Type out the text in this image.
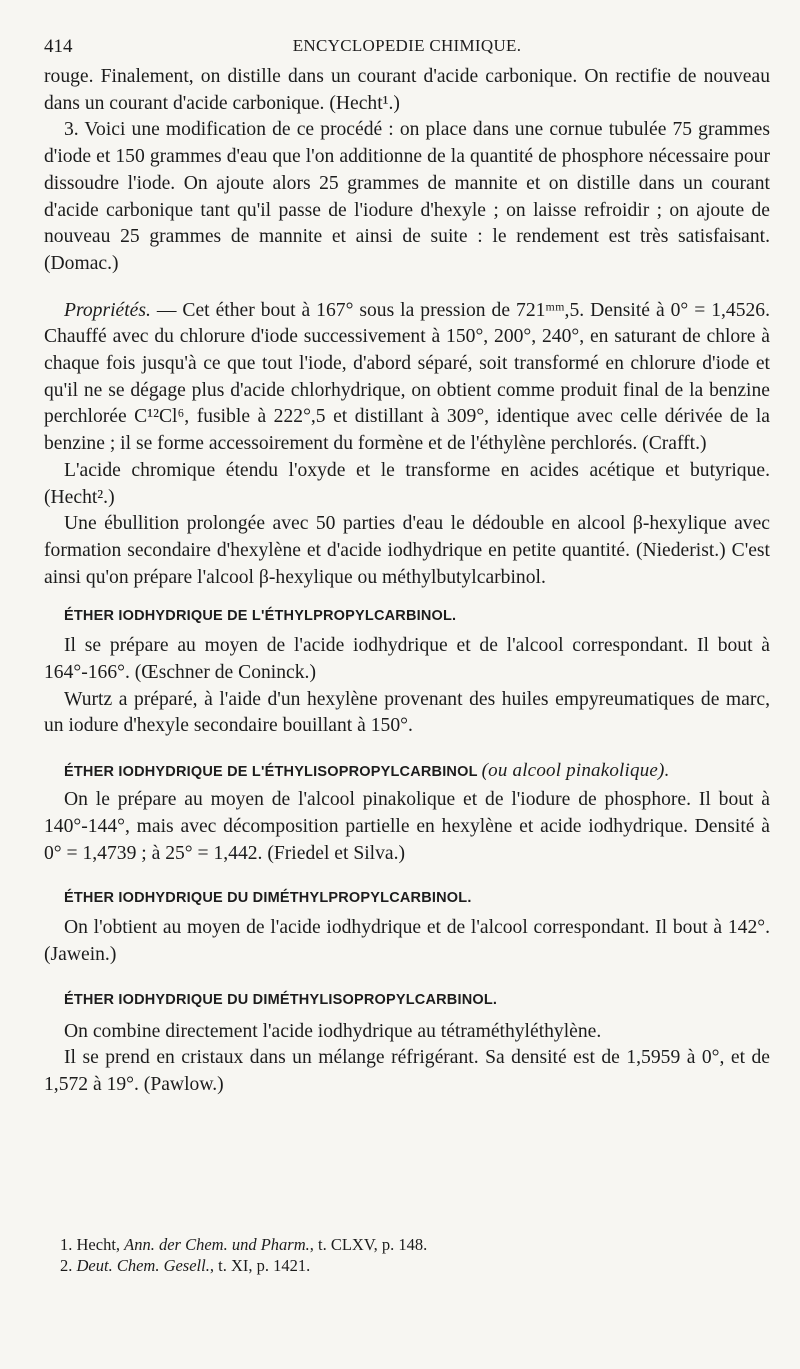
414	ENCYCLOPEDIE CHIMIQUE.

rouge. Finalement, on distille dans un courant d'acide carbonique. On rectifie de nouveau dans un courant d'acide carbonique. (Hecht¹.)

3. Voici une modification de ce procédé : on place dans une cornue tubulée 75 grammes d'iode et 150 grammes d'eau que l'on additionne de la quantité de phosphore nécessaire pour dissoudre l'iode. On ajoute alors 25 grammes de mannite et on distille dans un courant d'acide carbonique tant qu'il passe de l'iodure d'hexyle ; on laisse refroidir ; on ajoute de nouveau 25 grammes de mannite et ainsi de suite : le rendement est très satisfaisant. (Domac.)

Propriétés. — Cet éther bout à 167° sous la pression de 721ᵐᵐ,5. Densité à 0° = 1,4526. Chauffé avec du chlorure d'iode successivement à 150°, 200°, 240°, en saturant de chlore à chaque fois jusqu'à ce que tout l'iode, d'abord séparé, soit transformé en chlorure d'iode et qu'il ne se dégage plus d'acide chlorhydrique, on obtient comme produit final de la benzine perchlorée C¹²Cl⁶, fusible à 222°,5 et distillant à 309°, identique avec celle dérivée de la benzine ; il se forme accessoirement du formène et de l'éthylène perchlorés. (Crafft.)

L'acide chromique étendu l'oxyde et le transforme en acides acétique et butyrique. (Hecht².)

Une ébullition prolongée avec 50 parties d'eau le dédouble en alcool β-hexylique avec formation secondaire d'hexylène et d'acide iodhydrique en petite quantité. (Niederist.) C'est ainsi qu'on prépare l'alcool β-hexylique ou méthylbutylcarbinol.

ÉTHER IODHYDRIQUE DE L'ÉTHYLPROPYLCARBINOL.

Il se prépare au moyen de l'acide iodhydrique et de l'alcool correspondant. Il bout à 164°-166°. (Œschner de Coninck.)

Wurtz a préparé, à l'aide d'un hexylène provenant des huiles empyreumatiques de marc, un iodure d'hexyle secondaire bouillant à 150°.

ÉTHER IODHYDRIQUE DE L'ÉTHYLISOPROPYLCARBINOL (ou alcool pinakolique).

On le prépare au moyen de l'alcool pinakolique et de l'iodure de phosphore. Il bout à 140°-144°, mais avec décomposition partielle en hexylène et acide iodhydrique. Densité à 0° = 1,4739 ; à 25° = 1,442. (Friedel et Silva.)

ÉTHER IODHYDRIQUE DU DIMÉTHYLPROPYLCARBINOL.

On l'obtient au moyen de l'acide iodhydrique et de l'alcool correspondant. Il bout à 142°. (Jawein.)

ÉTHER IODHYDRIQUE DU DIMÉTHYLISOPROPYLCARBINOL.

On combine directement l'acide iodhydrique au tétraméthyléthylène.

Il se prend en cristaux dans un mélange réfrigérant. Sa densité est de 1,5959 à 0°, et de 1,572 à 19°. (Pawlow.)

1. Hecht, Ann. der Chem. und Pharm., t. CLXV, p. 148.

2. Deut. Chem. Gesell., t. XI, p. 1421.
